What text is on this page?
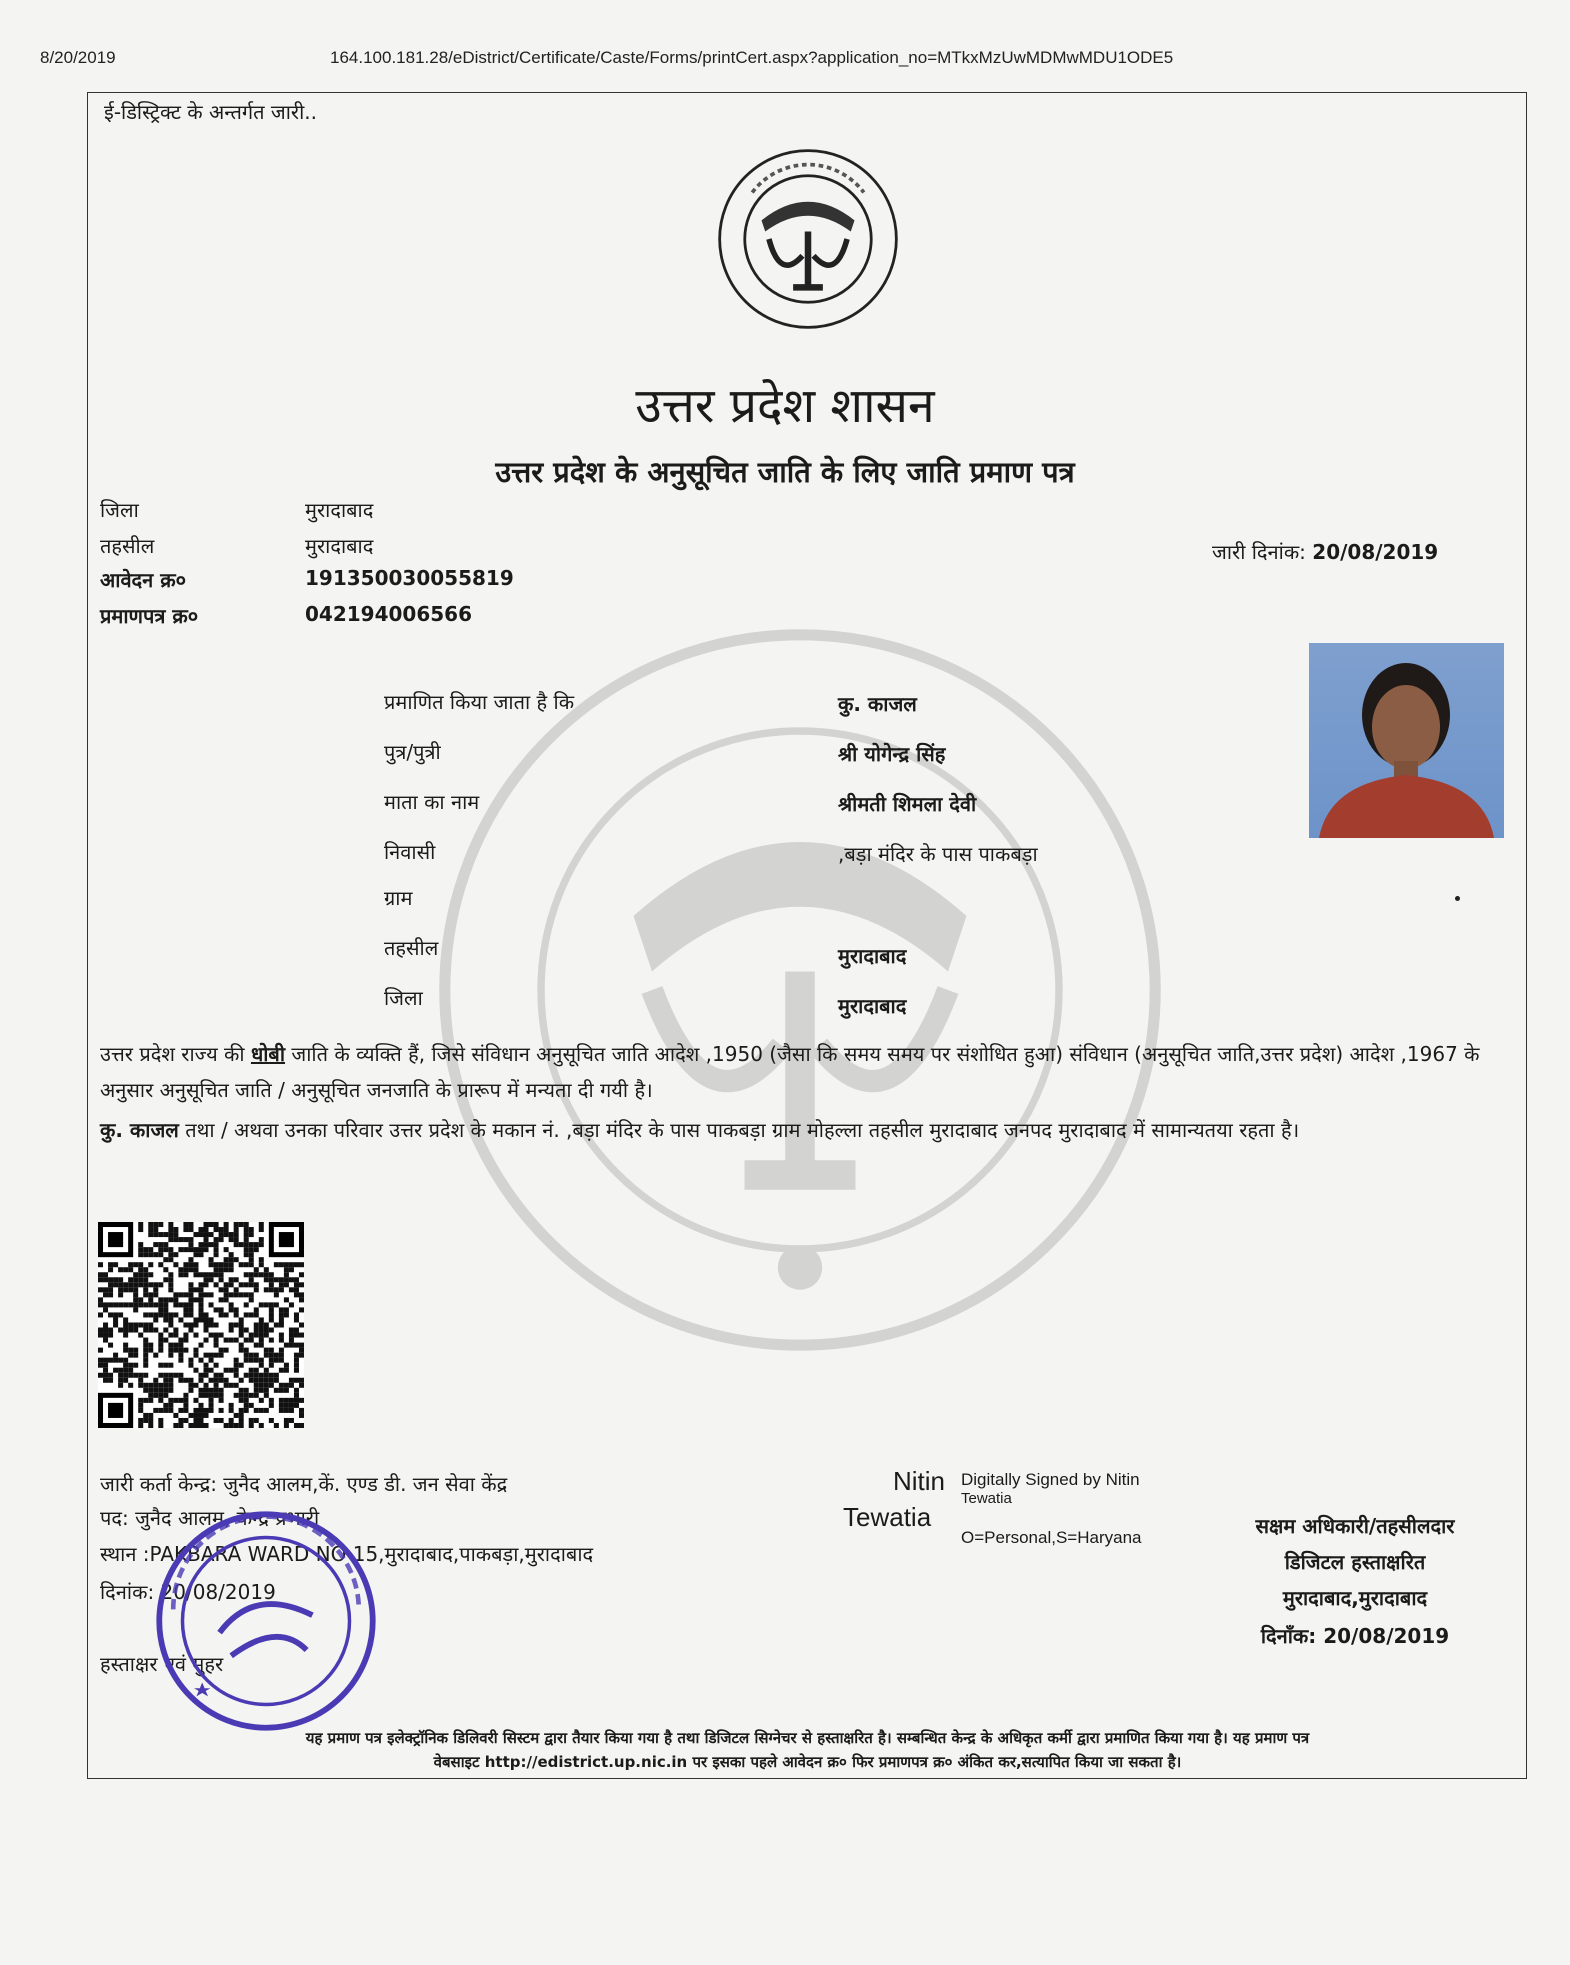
8/20/2019	164.100.181.28/eDistrict/Certificate/Caste/Forms/printCert.aspx?application_no=MTkxMzUwMDMwMDU1ODE5
ई-डिस्ट्रिक्ट के अन्तर्गत जारी..
उत्तर प्रदेश शासन
उत्तर प्रदेश के अनुसूचित जाति के लिए जाति प्रमाण पत्र
जिला	मुरादाबाद
तहसील	मुरादाबाद
आवेदन क्र०	191350030055819
प्रमाणपत्र क्र०	042194006566
जारी दिनांक: 20/08/2019
प्रमाणित किया जाता है कि	कु. काजल
पुत्र/पुत्री	श्री योगेन्द्र सिंह
माता का नाम	श्रीमती शिमला देवी
निवासी	,बड़ा मंदिर के पास पाकबड़ा
ग्राम
तहसील	मुरादाबाद
जिला	मुरादाबाद
उत्तर प्रदेश राज्य की धोबी जाति के व्यक्ति हैं, जिसे संविधान अनुसूचित जाति आदेश ,1950 (जैसा कि समय समय पर संशोधित हुआ) संविधान (अनुसूचित जाति,उत्तर प्रदेश) आदेश ,1967 के अनुसार अनुसूचित जाति / अनुसूचित जनजाति के प्रारूप में मन्यता दी गयी है।
कु. काजल तथा / अथवा उनका परिवार उत्तर प्रदेश के मकान नं. ,बड़ा मंदिर के पास पाकबड़ा ग्राम मोहल्ला तहसील मुरादाबाद जनपद मुरादाबाद में सामान्यतया रहता है।
जारी कर्ता केन्द्र: जुनैद आलम,कें. एण्ड डी. जन सेवा केंद्र
पद: जुनैद आलम, केन्द्र प्रभारी
स्थान :PAKBARA WARD NO 15,मुरादाबाद,पाकबड़ा,मुरादाबाद
दिनांक: 20/08/2019
हस्ताक्षर एवं मुहर
Nitin
Tewatia
Digitally Signed by Nitin
Tewatia
O=Personal,S=Haryana	सक्षम अधिकारी/तहसीलदार
डिजिटल हस्ताक्षरित
मुरादाबाद,मुरादाबाद
दिनाँक: 20/08/2019
यह प्रमाण पत्र इलेक्ट्रॉनिक डिलिवरी सिस्टम द्वारा तैयार किया गया है तथा डिजिटल सिग्नेचर से हस्ताक्षरित है। सम्बन्धित केन्द्र के अधिकृत कर्मी द्वारा प्रमाणित किया गया है। यह प्रमाण पत्र
वेबसाइट http://edistrict.up.nic.in पर इसका पहले आवेदन क्र० फिर प्रमाणपत्र क्र० अंकित कर,सत्यापित किया जा सकता है।
